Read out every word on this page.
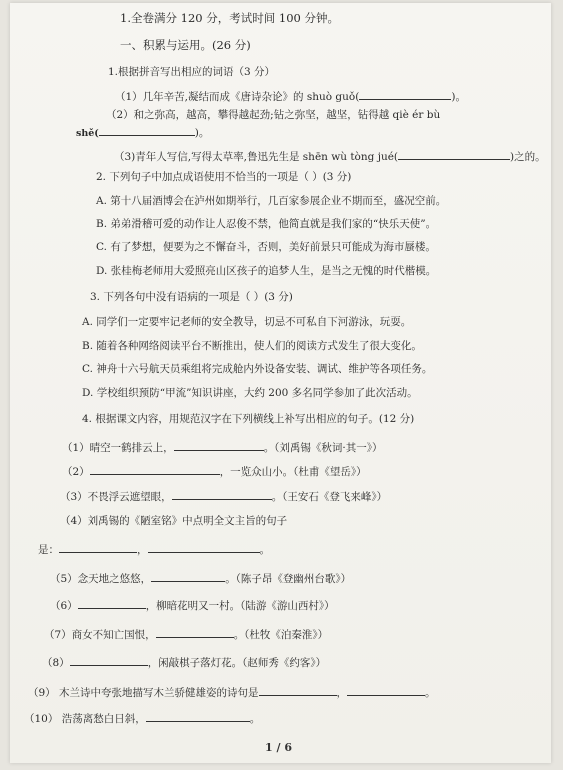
1.全卷满分 120 分，考试时间 100 分钟。
一、积累与运用。(26 分)
1.根据拼音写出相应的词语（3 分）
（1）几年辛苦,凝结而成《唐诗杂论》的 shuò guǒ(	)。
（2）和之弥高，越高，攀得越起劲;钻之弥坚，越坚，钻得越 qiè ér bù
shě(	)。
（3)青年人写信,写得太草率,鲁迅先生是 shēn wù tòng jué(	)之的。
2. 下列句子中加点成语使用不恰当的一项是（ ）(3 分)
A. 第十八届酒博会在泸州如期举行，几百家参展企业不期而至，盛况空前。
B. 弟弟滑稽可爱的动作让人忍俊不禁，他简直就是我们家的“快乐天使”。
C. 有了梦想，便要为之不懈奋斗，否则，美好前景只可能成为海市蜃楼。
D. 张桂梅老师用大爱照亮山区孩子的追梦人生，是当之无愧的时代楷模。
3. 下列各句中没有语病的一项是（ ）(3 分)
A. 同学们一定要牢记老师的安全教导，切忌不可私自下河游泳，玩耍。
B. 随着各种网络阅读平台不断推出，使人们的阅读方式发生了很大变化。
C. 神舟十六号航天员乘组将完成舱内外设备安装、调试、维护等各项任务。
D. 学校组织预防“甲流”知识讲座，大约 200 多名同学参加了此次活动。
4. 根据课文内容，用规范汉字在下列横线上补写出相应的句子。(12 分)
（1）晴空一鹤排云上，	。（刘禹锡《秋词·其一》）
（2）	，一览众山小。（杜甫《望岳》）
（3）不畏浮云遮望眼，	。（王安石《登飞来峰》）
（4）刘禹锡的《陋室铭》中点明全文主旨的句子
是：	，	。
（5）念天地之悠悠，	。（陈子昂《登幽州台歌》）
（6）	，柳暗花明又一村。（陆游《游山西村》）
（7）商女不知亡国恨，	。（杜牧《泊秦淮》）
（8）	，闲敲棋子落灯花。（赵师秀《约客》）
（9） 木兰诗中夸张地描写木兰骄健雄姿的诗句是	，	。
（10） 浩荡离愁白日斜，	。
1 / 6
